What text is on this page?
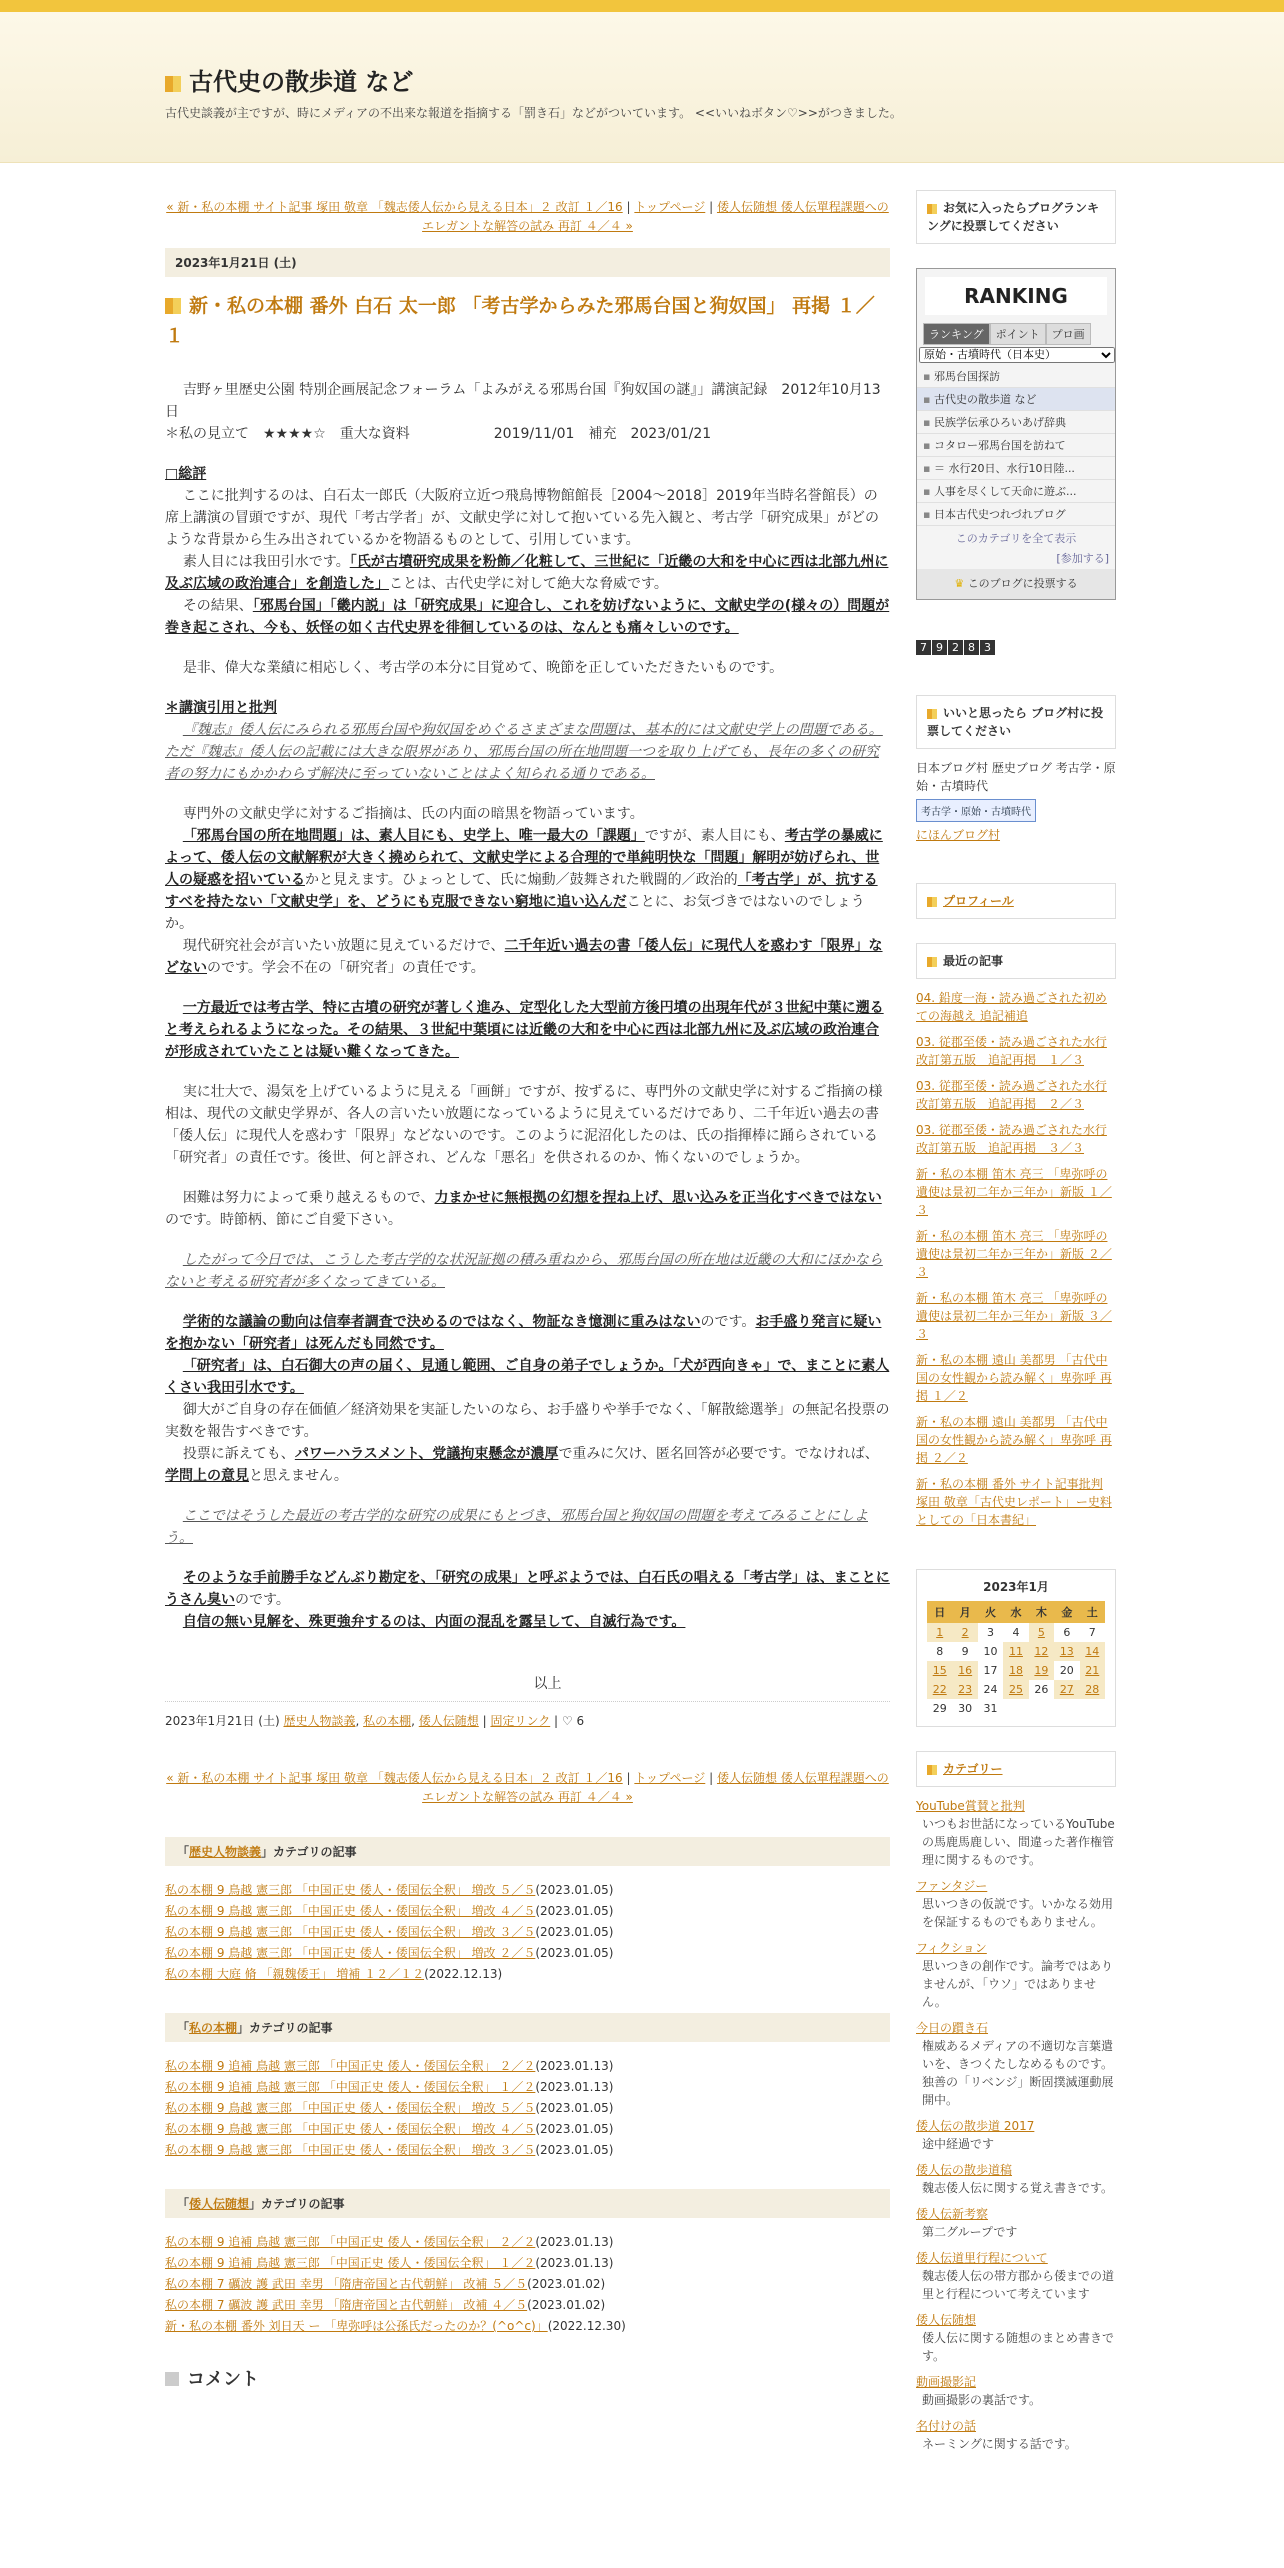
古代史の散歩道 など
古代史談義が主ですが、時にメディアの不出来な報道を指摘する「罰き石」などがついています。 <<いいねボタン♡>>がつきました。
« 新・私の本棚 サイト記事 塚田 敬章 「魏志倭人伝から見える日本」２ 改訂 １／16 | トップページ | 倭人伝随想 倭人伝單程課題へのエレガントな解答の試み 再訂 ４／４ »
2023年1月21日 (土)
新・私の本棚 番外 白石 太一郎 「考古学からみた邪馬台国と狗奴国」 再掲 １／１

吉野ヶ里歴史公園 特別企画展記念フォーラム「よみがえる邪馬台国『狗奴国の謎』」講演記録　2012年10月13日
＊私の見立て　★★★★☆　重大な資料　　　　　　2019/11/01　補充　2023/01/21

□総評
ここに批判するのは、白石太一郎氏（大阪府立近つ飛鳥博物館館長［2004～2018］2019年当時名誉館長）の席上講演の冒頭ですが、現代「考古学者」が、文献史学に対して抱いている先入観と、考古学「研究成果」がどのような背景から生み出されているかを物語るものとして、引用しています。
素人目には我田引水です。「氏が古墳研究成果を粉飾／化粧して、三世紀に「近畿の大和を中心に西は北部九州に及ぶ広域の政治連合」を創造した」ことは、古代史学に対して絶大な脅威です。
その結果、「邪馬台国」「畿内説」は「研究成果」に迎合し、これを妨げないように、文献史学の(様々の）問題が巻き起こされ、今も、妖怪の如く古代史界を徘徊しているのは、なんとも痛々しいのです。

是非、偉大な業績に相応しく、考古学の本分に目覚めて、晩節を正していただきたいものです。

＊講演引用と批判
『魏志』倭人伝にみられる邪馬台国や狗奴国をめぐるさまざまな問題は、基本的には文献史学上の問題である。ただ『魏志』倭人伝の記載には大きな限界があり、邪馬台国の所在地問題一つを取り上げても、長年の多くの研究者の努力にもかかわらず解決に至っていないことはよく知られる通りである。

専門外の文献史学に対するご指摘は、氏の内面の暗黒を物語っています。
「邪馬台国の所在地問題」は、素人目にも、史学上、唯一最大の「課題」ですが、素人目にも、考古学の暴威によって、倭人伝の文献解釈が大きく撓められて、文献史学による合理的で単純明快な「問題」解明が妨げられ、世人の疑惑を招いているかと見えます。ひょっとして、氏に煽動／鼓舞された戦闘的／政治的「考古学」が、抗するすべを持たない「文献史学」を、どうにも克服できない窮地に追い込んだことに、お気づきではないのでしょうか。
現代研究社会が言いたい放題に見えているだけで、二千年近い過去の書「倭人伝」に現代人を惑わす「限界」などないのです。学会不在の「研究者」の責任です。

一方最近では考古学、特に古墳の研究が著しく進み、定型化した大型前方後円墳の出現年代が３世紀中葉に遡ると考えられるようになった。その結果、３世紀中葉頃には近畿の大和を中心に西は北部九州に及ぶ広域の政治連合が形成されていたことは疑い難くなってきた。

実に壮大で、湯気を上げているように見える「画餅」ですが、按ずるに、専門外の文献史学に対するご指摘の様相は、現代の文献史学界が、各人の言いたい放題になっているように見えているだけであり、二千年近い過去の書「倭人伝」に現代人を惑わす「限界」などないのです。このように泥沼化したのは、氏の指揮棒に踊らされている「研究者」の責任です。後世、何と評され、どんな「悪名」を供されるのか、怖くないのでしょうか。

困難は努力によって乗り越えるもので、力まかせに無根拠の幻想を捏ね上げ、思い込みを正当化すべきではないのです。時節柄、節にご自愛下さい。

したがって今日では、こうした考古学的な状況証拠の積み重ねから、邪馬台国の所在地は近畿の大和にほかならないと考える研究者が多くなってきている。

学術的な議論の動向は信奉者調査で決めるのではなく、物証なき憶測に重みはないのです。お手盛り発言に疑いを抱かない「研究者」は死んだも同然です。
「研究者」は、白石御大の声の届く、見通し範囲、ご自身の弟子でしょうか。「犬が西向きゃ」で、まことに素人くさい我田引水です。
御大がご自身の存在価値／経済効果を実証したいのなら、お手盛りや挙手でなく、「解散総選挙」の無記名投票の実数を報告すべきです。
投票に訴えても、パワーハラスメント、党議拘束懸念が濃厚で重みに欠け、匿名回答が必要です。でなければ、学問上の意見と思えません。

ここではそうした最近の考古学的な研究の成果にもとづき、邪馬台国と狗奴国の問題を考えてみることにしよう。

そのような手前勝手などんぶり勘定を、「研究の成果」と呼ぶようでは、白石氏の唱える「考古学」は、まことにうさん臭いのです。
自信の無い見解を、殊更強弁するのは、内面の混乱を露呈して、自滅行為です。

以上
2023年1月21日 (土) 歴史人物談義, 私の本棚, 倭人伝随想 | 固定リンク | ♡ 6
« 新・私の本棚 サイト記事 塚田 敬章 「魏志倭人伝から見える日本」２ 改訂 １／16 | トップページ | 倭人伝随想 倭人伝單程課題へのエレガントな解答の試み 再訂 ４／４ »
「歴史人物談義」カテゴリの記事
私の本棚 9 鳥越 憲三郎 「中国正史 倭人・倭国伝全釈」 増改 ５／５(2023.01.05)
私の本棚 9 鳥越 憲三郎 「中国正史 倭人・倭国伝全釈」 増改 ４／５(2023.01.05)
私の本棚 9 鳥越 憲三郎 「中国正史 倭人・倭国伝全釈」 増改 ３／５(2023.01.05)
私の本棚 9 鳥越 憲三郎 「中国正史 倭人・倭国伝全釈」 増改 ２／５(2023.01.05)
私の本棚 大庭 脩 「親魏倭王」 増補 １２／１２(2022.12.13)
「私の本棚」カテゴリの記事
私の本棚 9 追補 鳥越 憲三郎 「中国正史 倭人・倭国伝全釈」 ２／２(2023.01.13)
私の本棚 9 追補 鳥越 憲三郎 「中国正史 倭人・倭国伝全釈」 １／２(2023.01.13)
私の本棚 9 鳥越 憲三郎 「中国正史 倭人・倭国伝全釈」 増改 ５／５(2023.01.05)
私の本棚 9 鳥越 憲三郎 「中国正史 倭人・倭国伝全釈」 増改 ４／５(2023.01.05)
私の本棚 9 鳥越 憲三郎 「中国正史 倭人・倭国伝全釈」 増改 ３／５(2023.01.05)
「倭人伝随想」カテゴリの記事
私の本棚 9 追補 鳥越 憲三郎 「中国正史 倭人・倭国伝全釈」 ２／２(2023.01.13)
私の本棚 9 追補 鳥越 憲三郎 「中国正史 倭人・倭国伝全釈」 １／２(2023.01.13)
私の本棚 7 礪波 護 武田 幸男 「隋唐帝国と古代朝鮮」 改補 ５／５(2023.01.02)
私の本棚 7 礪波 護 武田 幸男 「隋唐帝国と古代朝鮮」 改補 ４／５(2023.01.02)
新・私の本棚 番外 刘日天 ー 「卑弥呼は公孫氏だったのか？(^o^c)」(2022.12.30)
コメント
お気に入ったらブログランキングに投票してください
RANKING
ランキング ポイント プロ画
原始・古墳時代（日本史）
▪ 邪馬台国探訪
▪ 古代史の散歩道 など
▪ 民族学伝承ひろいあげ辞典
▪ コタロー邪馬台国を訪ねて
▪ ＝ 水行20日、水行10日陸...
▪ 人事を尽くして天命に遊ぶ...
▪ 日本古代史つれづれブログ
このカテゴリを全て表示
[参加する]
♛ このブログに投票する
7 9 2 8 3
いいと思ったら ブログ村に投票してください
日本ブログ村 歴史ブログ 考古学・原始・古墳時代
考古学・原始・古墳時代
にほんブログ村
プロフィール
最近の記事
04. 鉛度一海・読み過ごされた初めての海越え 追記補追
03. 従郡至倭・読み過ごされた水行 改訂第五版　追記再掲　１／３
03. 従郡至倭・読み過ごされた水行 改訂第五版　追記再掲　２／３
03. 従郡至倭・読み過ごされた水行 改訂第五版　追記再掲　３／３
新・私の本棚 笛木 亮三 「卑弥呼の遺使は景初二年か三年か」新版 １／３
新・私の本棚 笛木 亮三 「卑弥呼の遺使は景初二年か三年か」新版 ２／３
新・私の本棚 笛木 亮三 「卑弥呼の遺使は景初二年か三年か」新版 ３／３
新・私の本棚 遠山 美都男 「古代中国の女性観から読み解く」卑弥呼 再掲 １／２
新・私の本棚 遠山 美都男 「古代中国の女性観から読み解く」卑弥呼 再掲 ２／２
新・私の本棚 番外 サイト記事批判 塚田 敬章「古代史レポート」ー史料としての「日本書紀」
2023年1月
日	月	火	水	木	金	土
1	2	3	4	5	6	7
8	9	10	11	12	13	14
15	16	17	18	19	20	21
22	23	24	25	26	27	28
29	30	31				
カテゴリー
YouTube賞賛と批判
いつもお世話になっているYouTubeの馬鹿馬鹿しい、間違った著作権管理に関するものです。
ファンタジー
思いつきの仮説です。いかなる効用を保証するものでもありません。
フィクション
思いつきの創作です。論考ではありませんが、「ウソ」ではありません。
今日の躓き石
権威あるメディアの不適切な言葉遣いを、きつくたしなめるものです。独善の「リベンジ」断固撲滅運動展開中。
倭人伝の散歩道 2017
途中経過です
倭人伝の散歩道稿
魏志倭人伝に関する覚え書きです。
倭人伝新考察
第二グループです
倭人伝道里行程について
魏志倭人伝の帯方郡から倭までの道里と行程について考えています
倭人伝随想
倭人伝に関する随想のまとめ書きです。
動画撮影記
動画撮影の裏話です。
名付けの話
ネーミングに関する話です。
